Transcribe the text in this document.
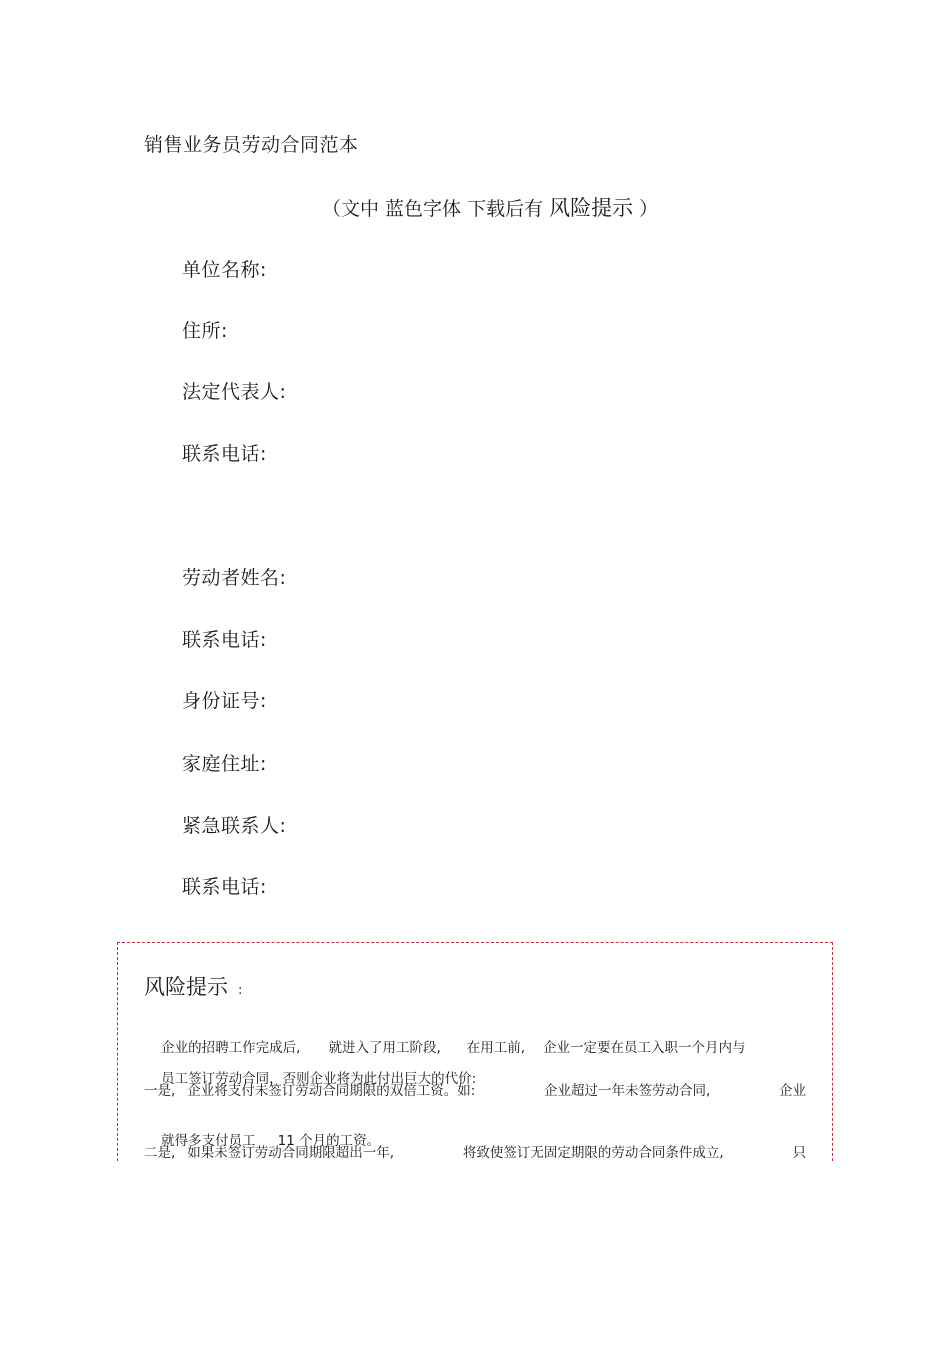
销售业务员劳动合同范本
（文中 蓝色字体 下载后有 风险提示 ）
单位名称:
住所:
法定代表人:
联系电话:
劳动者姓名:
联系电话:
身份证号:
家庭住址:
紧急联系人:
联系电话:
风险提示 :

企业的招聘工作完成后, 就进入了用工阶段, 在用工前, 企业一定要在员工入职一个月内与

员工签订劳动合同，否则企业将为此付出巨大的代价:

一是, 企业将支付未签订劳动合同期限的双倍工资。如:	企业超过一年未签劳动合同,	企业

就得多支付员工 11 个月的工资。

二是, 如果未签订劳动合同期限超出一年,	将致使签订无固定期限的劳动合同条件成立,	只
